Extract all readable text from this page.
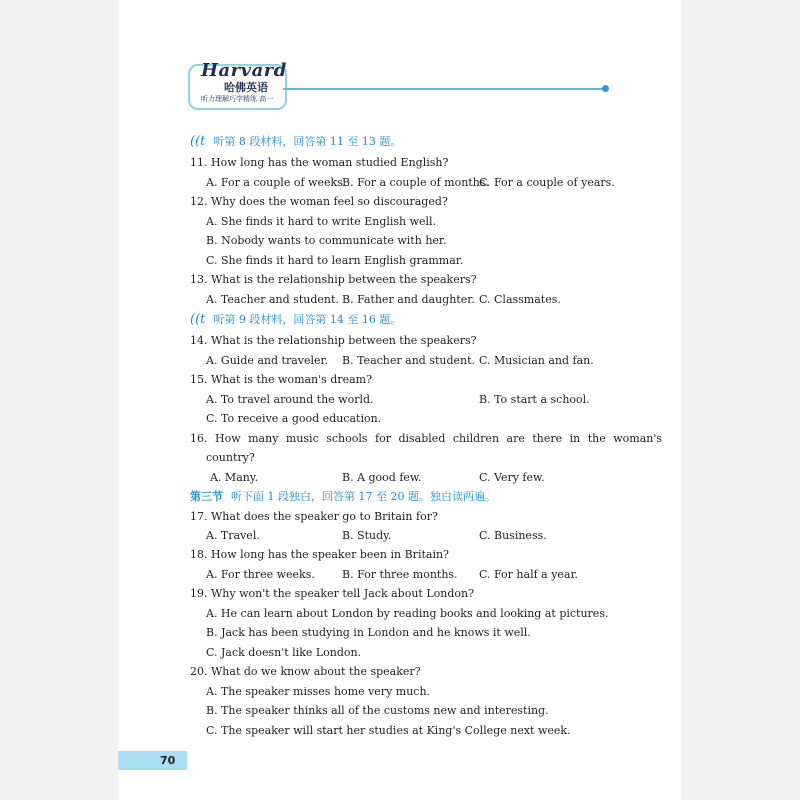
Harvard
哈佛英语
听力理解巧学精练 高一
((t 听第 8 段材料，回答第 11 至 13 题。
11. How long has the woman studied English?
A. For a couple of weeks.
B. For a couple of months.
C. For a couple of years.
12. Why does the woman feel so discouraged?
A. She finds it hard to write English well.
B. Nobody wants to communicate with her.
C. She finds it hard to learn English grammar.
13. What is the relationship between the speakers?
A. Teacher and student. B. Father and daughter. C. Classmates.
((t 听第 9 段材料，回答第 14 至 16 题。
14. What is the relationship between the speakers?
A. Guide and traveler. B. Teacher and student. C. Musician and fan.
15. What is the woman's dream?
A. To travel around the world.	B. To start a school.
C. To receive a good education.
16. How many music schools for disabled children are there in the woman's
country?
A. Many.	B. A good few.	C. Very few.
第三节 听下面 1 段独白，回答第 17 至 20 题。独白读两遍。
17. What does the speaker go to Britain for?
A. Travel.	B. Study.	C. Business.
18. How long has the speaker been in Britain?
A. For three weeks. B. For three months. C. For half a year.
19. Why won't the speaker tell Jack about London?
A. He can learn about London by reading books and looking at pictures.
B. Jack has been studying in London and he knows it well.
C. Jack doesn't like London.
20. What do we know about the speaker?
A. The speaker misses home very much.
B. The speaker thinks all of the customs new and interesting.
C. The speaker will start her studies at King's College next week.
70
